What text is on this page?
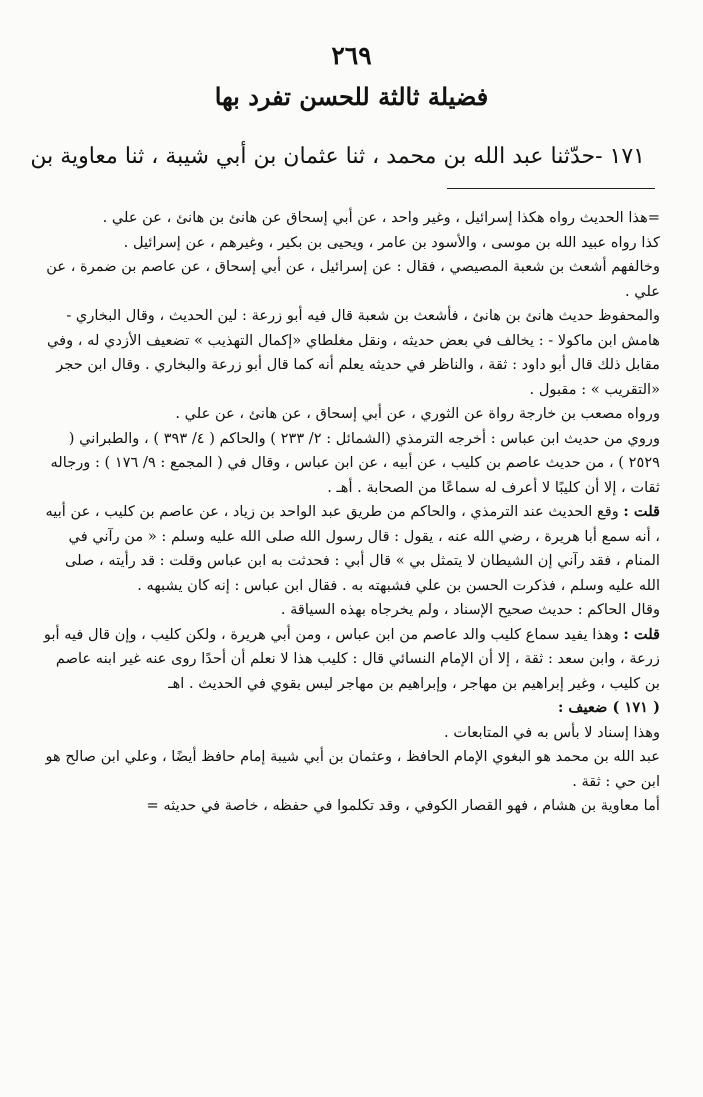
٢٦٩
فضيلة ثالثة للحسن تفرد بها
١٧١ -حدّثنا عبد الله بن محمد ، ثنا عثمان بن أبي شيبة ، ثنا معاوية بن

=هذا الحديث رواه هكذا إسرائيل ، وغير واحد ، عن أبي إسحاق عن هانئ بن هانئ ، عن علي .

كذا رواه عبيد الله بن موسى ، والأسود بن عامر ، ويحيى بن بكير ، وغيرهم ، عن إسرائيل .

وخالفهم أشعث بن شعبة المصيصي ، فقال : عن إسرائيل ، عن أبي إسحاق ، عن عاصم بن ضمرة ، عن علي .

والمحفوظ حديث هانئ بن هانئ ، فأشعث بن شعبة قال فيه أبو زرعة : لين الحديث ، وقال البخاري - هامش ابن ماكولا - : يخالف في بعض حديثه ، ونقل مغلطاي «إكمال التهذيب » تضعيف الأزدي له ، وفي مقابل ذلك قال أبو داود : ثقة ، والناظر في حديثه يعلم أنه كما قال أبو زرعة والبخاري . وقال ابن حجر «التقريب » : مقبول .

ورواه مصعب بن خارجة رواة عن الثوري ، عن أبي إسحاق ، عن هانئ ، عن علي .

وروي من حديث ابن عباس : أخرجه الترمذي (الشمائل : ٢/ ٢٣٣ ) والحاكم ( ٤/ ٣٩٣ ) ، والطبراني ( ٢٥٢٩ ) ، من حديث عاصم بن كليب ، عن أبيه ، عن ابن عباس ، وقال في ( المجمع : ٩/ ١٧٦ ) : ورجاله ثقات ، إلا أن كليبًا لا أعرف له سماعًا من الصحابة . أهـ .

قلت : وقع الحديث عند الترمذي ، والحاكم من طريق عبد الواحد بن زياد ، عن عاصم بن كليب ، عن أبيه ، أنه سمع أبا هريرة ، رضي الله عنه ، يقول : قال رسول الله صلى الله عليه وسلم : « من رآني في المنام ، فقد رآني إن الشيطان لا يتمثل بي » قال أبي : فحدثت به ابن عباس وقلت : قد رأيته ، صلى الله عليه وسلم ، فذكرت الحسن بن علي فشبهته به . فقال ابن عباس : إنه كان يشبهه .

وقال الحاكم : حديث صحيح الإسناد ، ولم يخرجاه بهذه السياقة .

قلت : وهذا يفيد سماع كليب والد عاصم من ابن عباس ، ومن أبي هريرة ، ولكن كليب ، وإن قال فيه أبو زرعة ، وابن سعد : ثقة ، إلا أن الإمام النسائي قال : كليب هذا لا نعلم أن أحدًا روى عنه غير ابنه عاصم بن كليب ، وغير إبراهيم بن مهاجر ، وإبراهيم بن مهاجر ليس بقوي في الحديث . اهـ

( ١٧١ ) ضعيف :

وهذا إسناد لا بأس به في المتابعات .

عبد الله بن محمد هو البغوي الإمام الحافظ ، وعثمان بن أبي شيبة إمام حافظ أيضًا ، وعلي ابن صالح هو ابن حي : ثقة .

أما معاوية بن هشام ، فهو القصار الكوفي ، وقد تكلموا في حفظه ، خاصة في حديثه =
